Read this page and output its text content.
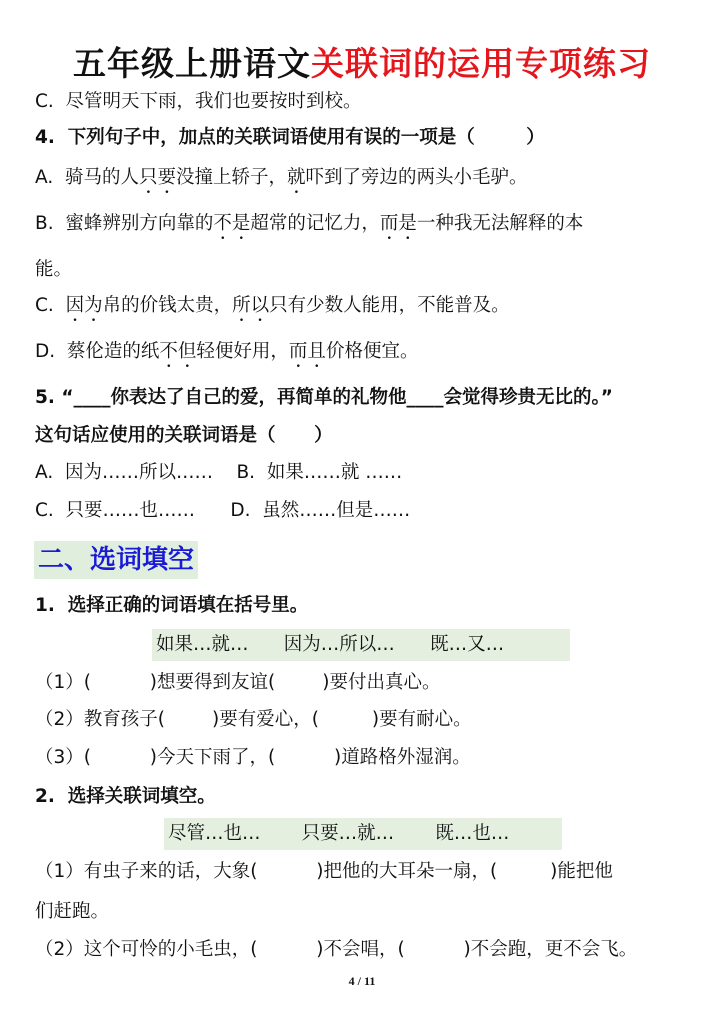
五年级上册语文关联词的运用专项练习
C.  尽管明天下雨，我们也要按时到校。
4.  下列句子中，加点的关联词语使用有误的一项是（        ）
A.  骑马的人只要没撞上轿子，就吓到了旁边的两头小毛驴。
B.  蜜蜂辨别方向靠的不是超常的记忆力，而是一种我无法解释的本
能。
C.  因为帛的价钱太贵，所以只有少数人能用，不能普及。
D.  蔡伦造的纸不但轻便好用，而且价格便宜。
5. “____你表达了自己的爱，再简单的礼物他____会觉得珍贵无比的。”
这句话应使用的关联词语是（      ）
A.  因为……所以……    B.  如果……就 ……
C.  只要……也……      D.  虽然……但是……
二、选词填空
1.  选择正确的词语填在括号里。
如果…就…      因为…所以…      既…又…
（1）(          )想要得到友谊(        )要付出真心。
（2）教育孩子(        )要有爱心，(         )要有耐心。
（3）(          )今天下雨了，(          )道路格外湿润。
2.  选择关联词填空。
尽管…也…       只要…就…       既…也…
（1）有虫子来的话，大象(          )把他的大耳朵一扇，(         )能把他
们赶跑。
（2）这个可怜的小毛虫，(          )不会唱，(          )不会跑，更不会飞。
4 / 11
